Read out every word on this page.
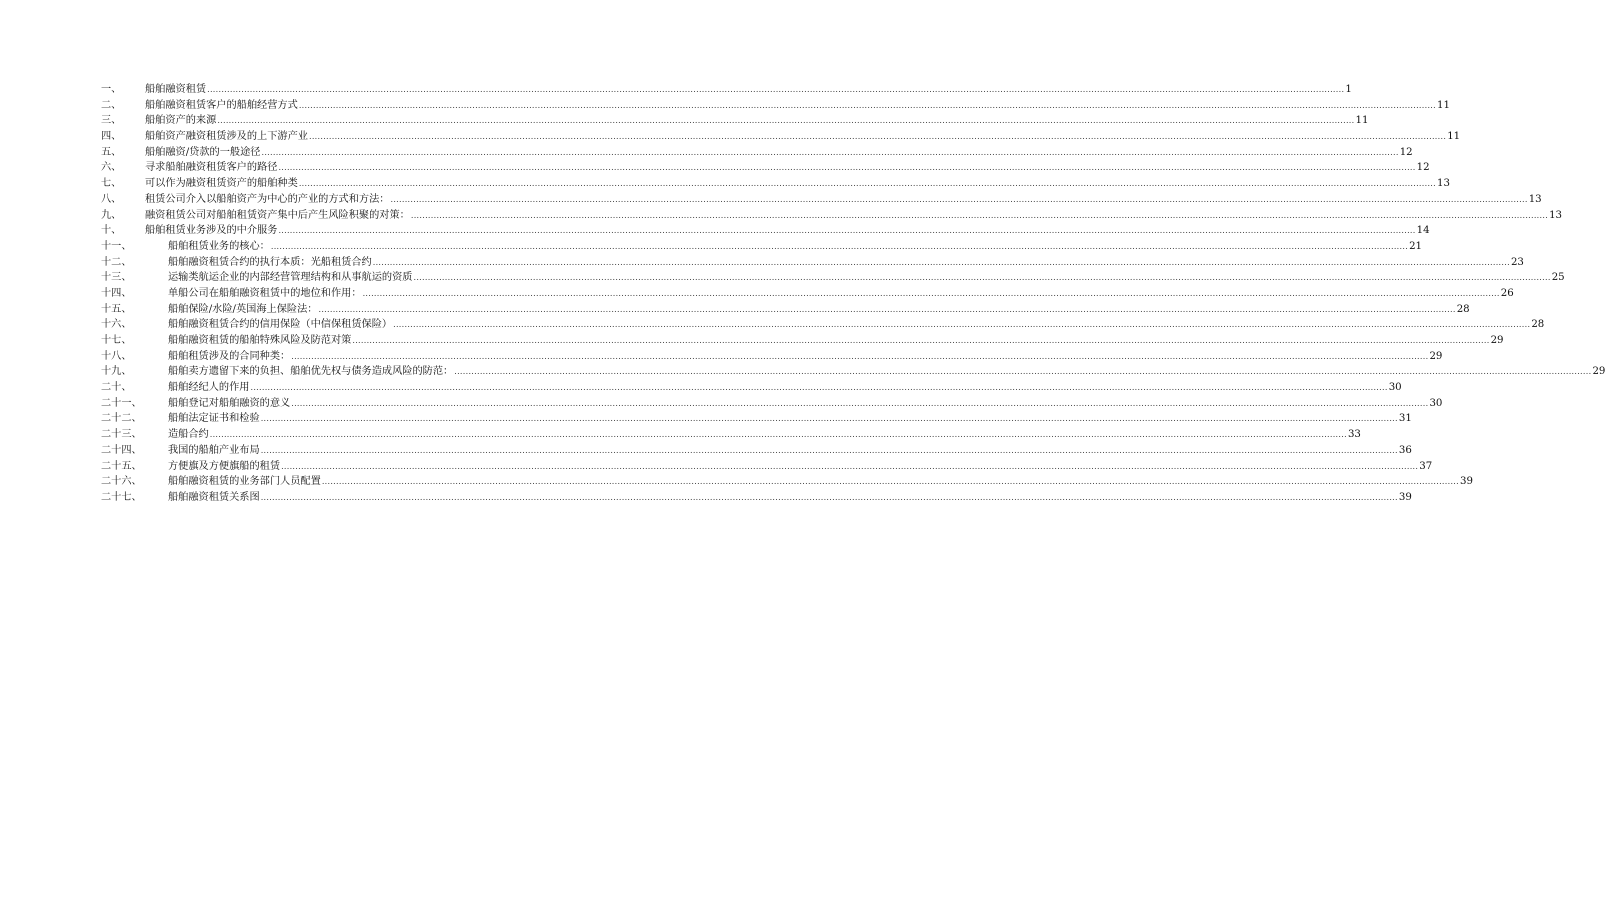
一、	船舶融资租赁 ................................................................................................................................................................................................................................................................................................................................................................................................................ 1
二、	船舶融资租赁客户的船舶经营方式 ................................................................................................................................................................................................................................................................................................................................................................................................................ 11
三、	船舶资产的来源 ................................................................................................................................................................................................................................................................................................................................................................................................................ 11
四、	船舶资产融资租赁涉及的上下游产业 ................................................................................................................................................................................................................................................................................................................................................................................................................ 11
五、	船舶融资/贷款的一般途径 ................................................................................................................................................................................................................................................................................................................................................................................................................ 12
六、	寻求船舶融资租赁客户的路径 ................................................................................................................................................................................................................................................................................................................................................................................................................ 12
七、	可以作为融资租赁资产的船舶种类 ................................................................................................................................................................................................................................................................................................................................................................................................................ 13
八、	租赁公司介入以船舶资产为中心的产业的方式和方法： ................................................................................................................................................................................................................................................................................................................................................................................................................ 13
九、	融资租赁公司对船舶租赁资产集中后产生风险积聚的对策： ................................................................................................................................................................................................................................................................................................................................................................................................................ 13
十、	船舶租赁业务涉及的中介服务 ................................................................................................................................................................................................................................................................................................................................................................................................................ 14
十一、	船舶租赁业务的核心： ................................................................................................................................................................................................................................................................................................................................................................................................................ 21
十二、	船舶融资租赁合约的执行本质：光船租赁合约 ................................................................................................................................................................................................................................................................................................................................................................................................................ 23
十三、	运输类航运企业的内部经营管理结构和从事航运的资质 ................................................................................................................................................................................................................................................................................................................................................................................................................ 25
十四、	单船公司在船舶融资租赁中的地位和作用： ................................................................................................................................................................................................................................................................................................................................................................................................................ 26
十五、	船舶保险/水险/英国海上保险法： ................................................................................................................................................................................................................................................................................................................................................................................................................ 28
十六、	船舶融资租赁合约的信用保险（中信保租赁保险） ................................................................................................................................................................................................................................................................................................................................................................................................................ 28
十七、	船舶融资租赁的船舶特殊风险及防范对策 ................................................................................................................................................................................................................................................................................................................................................................................................................ 29
十八、	船舶租赁涉及的合同种类： ................................................................................................................................................................................................................................................................................................................................................................................................................ 29
十九、	船舶卖方遗留下来的负担、船舶优先权与债务造成风险的防范： ................................................................................................................................................................................................................................................................................................................................................................................................................ 29
二十、	船舶经纪人的作用 ................................................................................................................................................................................................................................................................................................................................................................................................................ 30
二十一、	船舶登记对船舶融资的意义 ................................................................................................................................................................................................................................................................................................................................................................................................................ 30
二十二、	船舶法定证书和检验 ................................................................................................................................................................................................................................................................................................................................................................................................................ 31
二十三、	造船合约 ................................................................................................................................................................................................................................................................................................................................................................................................................ 33
二十四、	我国的船舶产业布局 ................................................................................................................................................................................................................................................................................................................................................................................................................ 36
二十五、	方便旗及方便旗船的租赁 ................................................................................................................................................................................................................................................................................................................................................................................................................ 37
二十六、	船舶融资租赁的业务部门人员配置 ................................................................................................................................................................................................................................................................................................................................................................................................................ 39
二十七、	船舶融资租赁关系图 ................................................................................................................................................................................................................................................................................................................................................................................................................ 39
